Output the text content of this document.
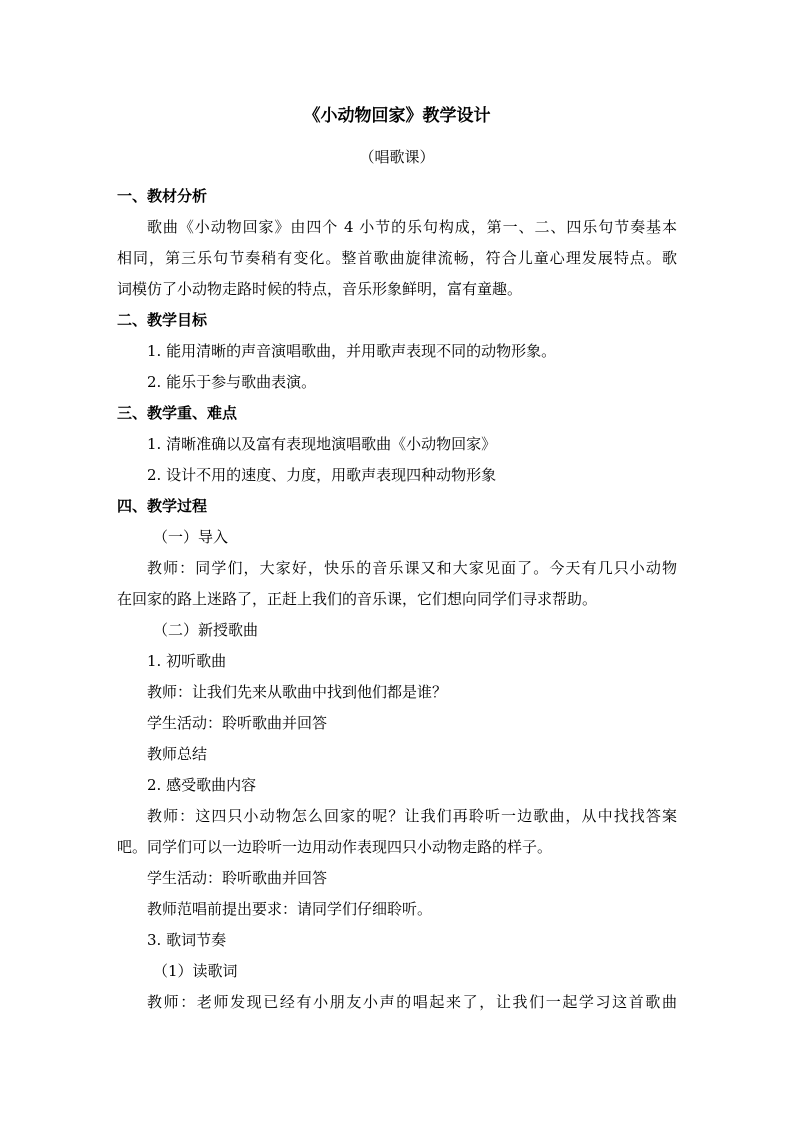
《小动物回家》教学设计
（唱歌课）
一、教材分析
歌曲《小动物回家》由四个 4 小节的乐句构成，第一、二、四乐句节奏基本
相同，第三乐句节奏稍有变化。整首歌曲旋律流畅，符合儿童心理发展特点。歌
词模仿了小动物走路时候的特点，音乐形象鲜明，富有童趣。
二、教学目标
1. 能用清晰的声音演唱歌曲，并用歌声表现不同的动物形象。
2. 能乐于参与歌曲表演。
三、教学重、难点
1. 清晰准确以及富有表现地演唱歌曲《小动物回家》
2. 设计不用的速度、力度，用歌声表现四种动物形象
四、教学过程
（一）导入
教师：同学们，大家好，快乐的音乐课又和大家见面了。今天有几只小动物
在回家的路上迷路了，正赶上我们的音乐课，它们想向同学们寻求帮助。
（二）新授歌曲
1. 初听歌曲
教师：让我们先来从歌曲中找到他们都是谁？
学生活动：聆听歌曲并回答
教师总结
2. 感受歌曲内容
教师：这四只小动物怎么回家的呢？让我们再聆听一边歌曲，从中找找答案
吧。同学们可以一边聆听一边用动作表现四只小动物走路的样子。
学生活动：聆听歌曲并回答
教师范唱前提出要求：请同学们仔细聆听。
3. 歌词节奏
（1）读歌词
教师：老师发现已经有小朋友小声的唱起来了，让我们一起学习这首歌曲
